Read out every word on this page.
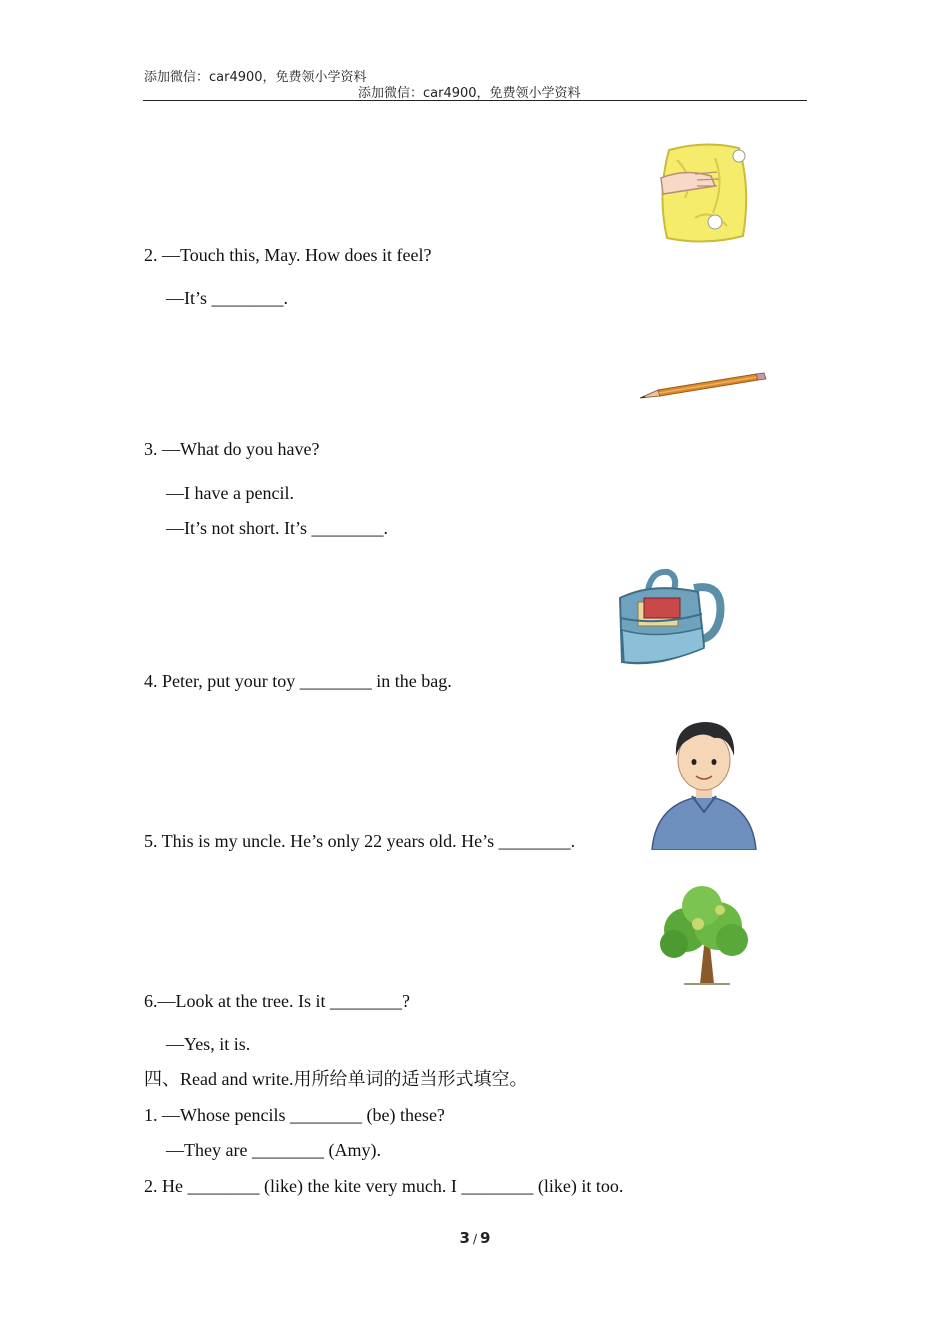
添加微信：car4900，免费领小学资料
添加微信：car4900，免费领小学资料
2. —Touch this, May. How does it feel?
—It’s ________.
3. —What do you have?
—I have a pencil.
—It’s not short. It’s ________.
4. Peter, put your toy ________ in the bag.
5. This is my uncle. He’s only 22 years old. He’s ________.
6.—Look at the tree. Is it ________?
—Yes, it is.
四、Read and write.用所给单词的适当形式填空。
1. —Whose pencils ________ (be) these?
—They are ________ (Amy).
2. He ________ (like) the kite very much. I ________ (like) it too.
3 / 9
